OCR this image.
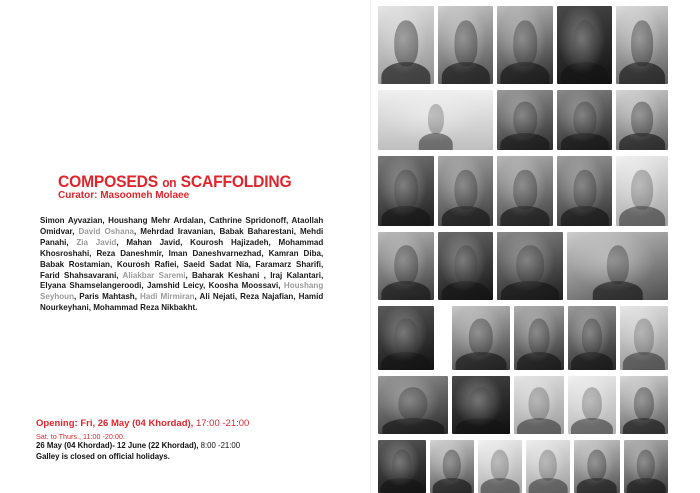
COMPOSEDS on SCAFFOLDING
Curator: Masoomeh Molaee
Simon Ayvazian, Houshang Mehr Ardalan, Cathrine Spridonoff, Ataollah Omidvar, David Oshana, Mehrdad Iravanian, Babak Baharestani, Mehdi Panahi, Zia Javid, Mahan Javid, Kourosh Hajizadeh, Mohammad Khosroshahi, Reza Daneshmir, Iman Daneshvarnezhad, Kamran Diba, Babak Rostamian, Kourosh Rafiei, Saeid Sadat Nia, Faramarz Sharifi, Farid Shahsavarani, Aliakbar Saremi, Baharak Keshani , Iraj Kalantari, Elyana Shamselangeroodi, Jamshid Leicy, Koosha Moossavi, Houshang Seyhoun, Paris Mahtash, Hadi Mirmiran, Ali Nejati, Reza Najafian, Hamid Nourkeyhani, Mohammad Reza Nikbakht.
Opening: Fri, 26 May (04 Khordad), 17:00 -21:00
Sat. to Thurs., 11:00 -20:00.
26 May (04 Khordad)- 12 June (22 Khordad), 8:00 -21:00
Galley is closed on official holidays.
